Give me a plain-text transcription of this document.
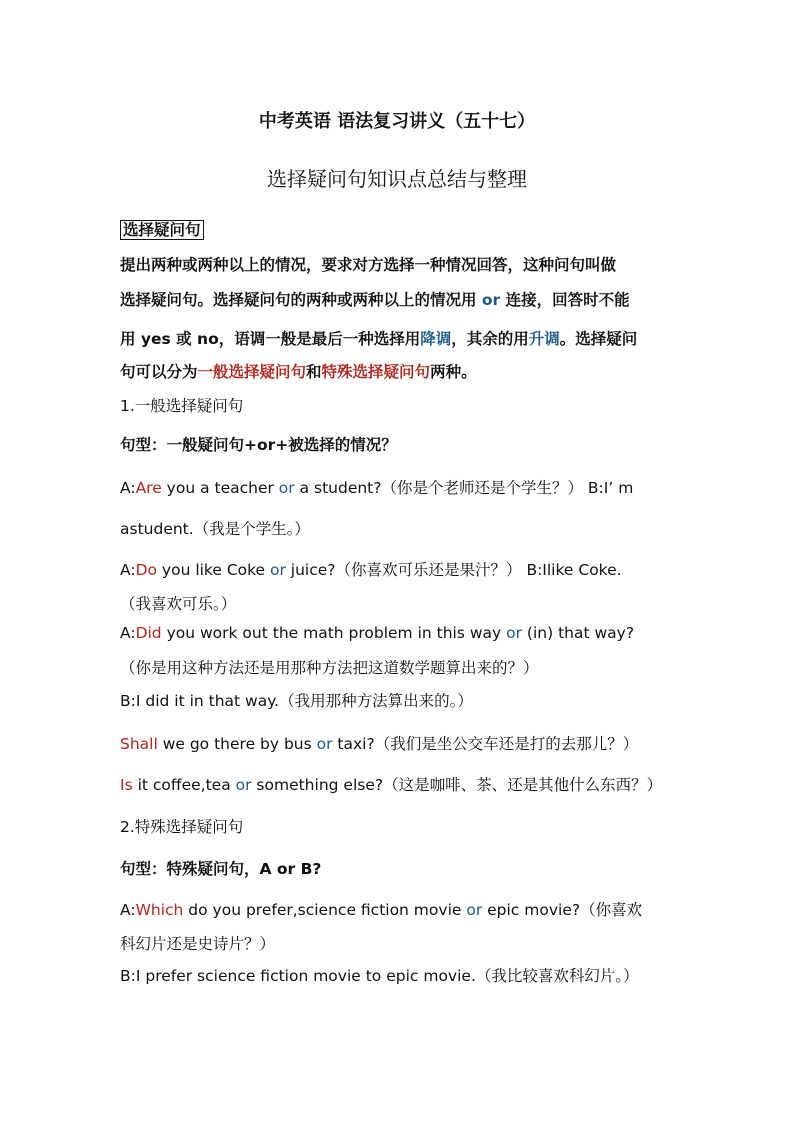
中考英语 语法复习讲义（五十七）
选择疑问句知识点总结与整理
选择疑问句
提出两种或两种以上的情况，要求对方选择一种情况回答，这种问句叫做
选择疑问句。选择疑问句的两种或两种以上的情况用 or 连接，回答时不能
用 yes 或 no，语调一般是最后一种选择用降调，其余的用升调。选择疑问
句可以分为一般选择疑问句和特殊选择疑问句两种。
1.一般选择疑问句
句型：一般疑问句+or+被选择的情况？
A:Are you a teacher or a student?（你是个老师还是个学生？） B:I’ m
astudent.（我是个学生。）
A:Do you like Coke or juice?（你喜欢可乐还是果汁？） B:Ilike Coke.
（我喜欢可乐。）
A:Did you work out the math problem in this way or (in) that way?
（你是用这种方法还是用那种方法把这道数学题算出来的？）
B:I did it in that way.（我用那种方法算出来的。）
Shall we go there by bus or taxi?（我们是坐公交车还是打的去那儿？）
Is it coffee,tea or something else?（这是咖啡、茶、还是其他什么东西？）
2.特殊选择疑问句
句型：特殊疑问句，A or B?
A:Which do you prefer,science fiction movie or epic movie?（你喜欢
科幻片还是史诗片？）
B:I prefer science fiction movie to epic movie.（我比较喜欢科幻片。）
